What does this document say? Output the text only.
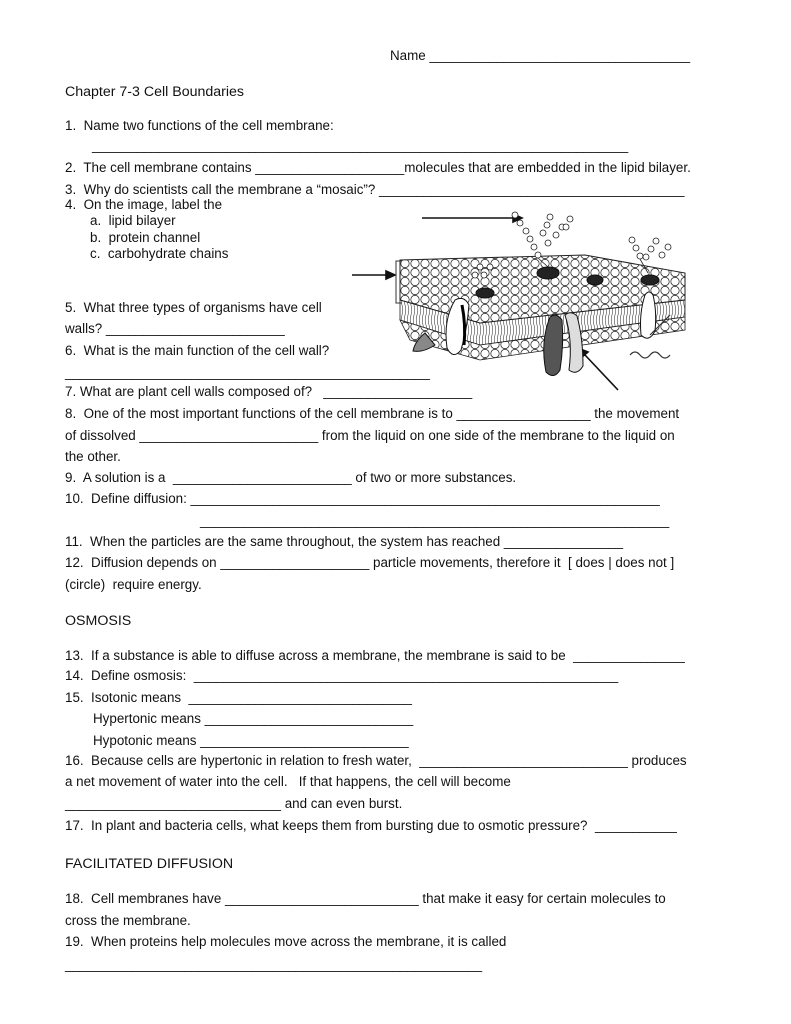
Name ___________________________________
Chapter 7-3 Cell Boundaries
1.  Name two functions of the cell membrane:
________________________________________________________________________
2.  The cell membrane contains ____________________molecules that are embedded in the lipid bilayer.
3.  Why do scientists call the membrane a “mosaic”? _________________________________________
4.  On the image, label the
a.  lipid bilayer
b.  protein channel
c.  carbohydrate chains
5.  What three types of organisms have cell
walls? ________________________
6.  What is the main function of the cell wall?
_________________________________________________
7. What are plant cell walls composed of?   ____________________
8.  One of the most important functions of the cell membrane is to __________________ the movement
of dissolved ________________________ from the liquid on one side of the membrane to the liquid on
the other.
9.  A solution is a  ________________________ of two or more substances.
10.  Define diffusion: _______________________________________________________________
_______________________________________________________________
11.  When the particles are the same throughout, the system has reached ________________
12.  Diffusion depends on ____________________ particle movements, therefore it  [ does | does not ]
(circle)  require energy.
OSMOSIS
13.  If a substance is able to diffuse across a membrane, the membrane is said to be  _______________
14.  Define osmosis:  _________________________________________________________
15.  Isotonic means  ______________________________
Hypertonic means ____________________________
Hypotonic means ____________________________
16.  Because cells are hypertonic in relation to fresh water,  ____________________________ produces
a net movement of water into the cell.   If that happens, the cell will become
_____________________________ and can even burst.
17.  In plant and bacteria cells, what keeps them from bursting due to osmotic pressure?  ___________
FACILITATED DIFFUSION
18.  Cell membranes have __________________________ that make it easy for certain molecules to
cross the membrane.
19.  When proteins help molecules move across the membrane, it is called
________________________________________________________
